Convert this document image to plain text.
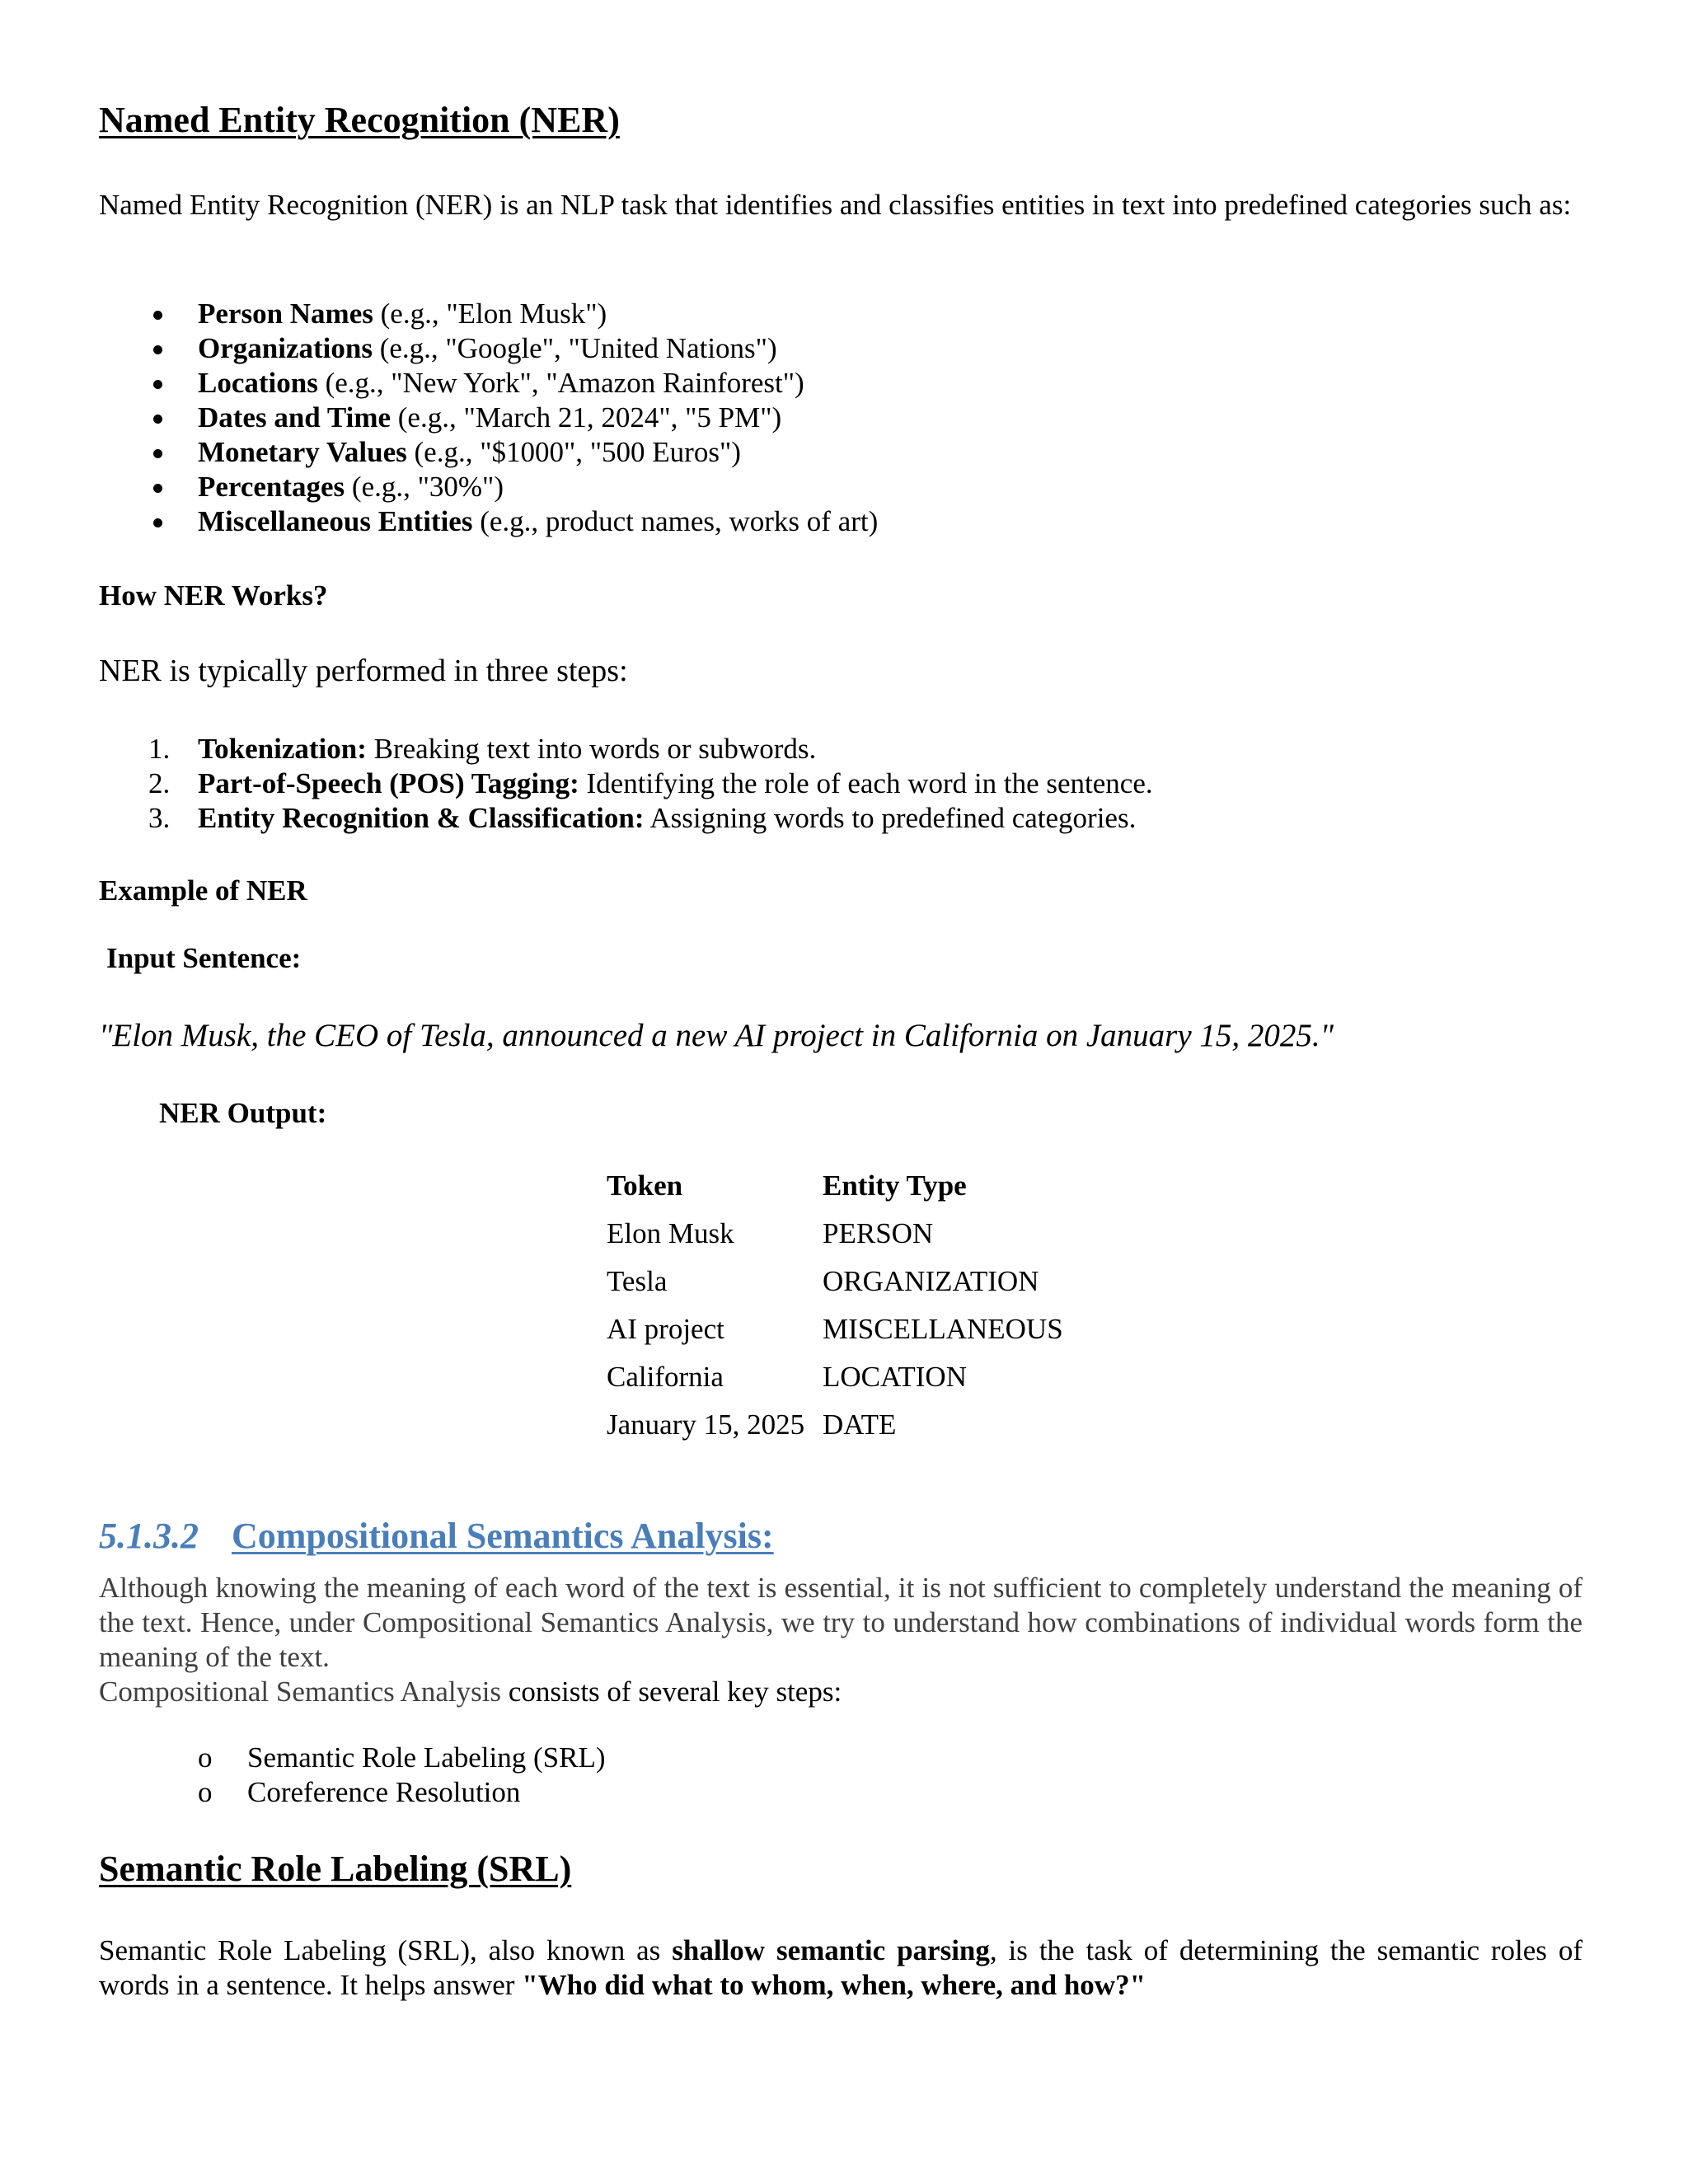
Named Entity Recognition (NER)

Named Entity Recognition (NER) is an NLP task that identifies and classifies entities in text into predefined categories such as:

Person Names (e.g., "Elon Musk")
Organizations (e.g., "Google", "United Nations")
Locations (e.g., "New York", "Amazon Rainforest")
Dates and Time (e.g., "March 21, 2024", "5 PM")
Monetary Values (e.g., "$1000", "500 Euros")
Percentages (e.g., "30%")
Miscellaneous Entities (e.g., product names, works of art)
How NER Works?

NER is typically performed in three steps:

1. Tokenization: Breaking text into words or subwords.
2. Part-of-Speech (POS) Tagging: Identifying the role of each word in the sentence.
3. Entity Recognition & Classification: Assigning words to predefined categories.
Example of NER
Input Sentence:

"Elon Musk, the CEO of Tesla, announced a new AI project in California on January 15, 2025."

NER Output:
Token	Entity Type
Elon Musk	PERSON
Tesla	ORGANIZATION
AI project	MISCELLANEOUS
California	LOCATION
January 15, 2025 DATE
5.1.3.2 Compositional Semantics Analysis:

Although knowing the meaning of each word of the text is essential, it is not sufficient to completely understand the meaning of the text. Hence, under Compositional Semantics Analysis, we try to understand how combinations of individual words form the meaning of the text.

Compositional Semantics Analysis consists of several key steps:

o Semantic Role Labeling (SRL)
o Coreference Resolution
Semantic Role Labeling (SRL)

Semantic Role Labeling (SRL), also known as shallow semantic parsing, is the task of determining the semantic roles of words in a sentence. It helps answer "Who did what to whom, when, where, and how?"
